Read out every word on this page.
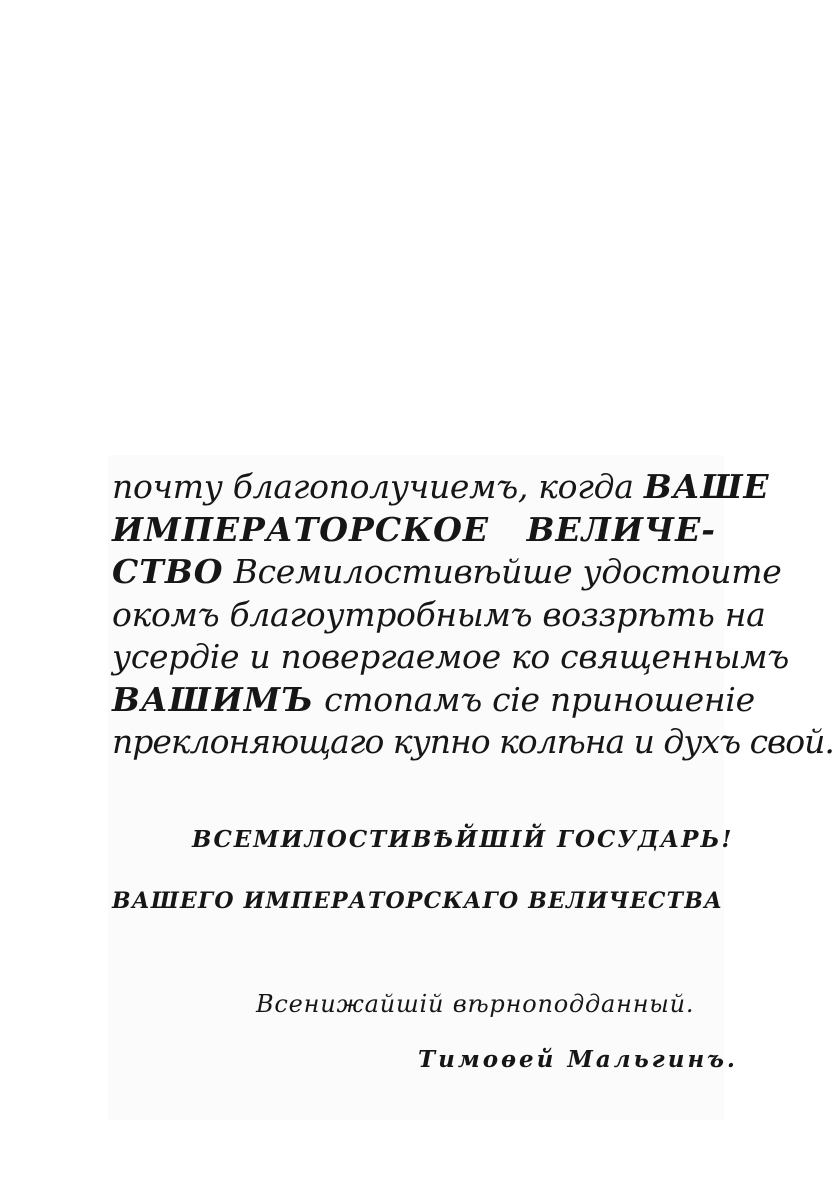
почту благополучиемъ, когда ВАШЕ
ИМПЕРАТОРСКОЕ ВЕЛИЧЕ-
СТВО Всемилостивѣйше удостоите
окомъ благоутробнымъ воззрѣть на
усердіе и повергаемое ко священнымъ
ВАШИМЪ стопамъ сіе приношеніе
преклоняющаго купно колѣна и духъ свой.
ВСЕМИЛОСТИВѢЙШІЙ ГОСУДАРЬ!
ВАШЕГО ИМПЕРАТОРСКАГО ВЕЛИЧЕСТВА
Всенижайшій вѣрноподданный.
Тимоѳей Мальгинъ.
